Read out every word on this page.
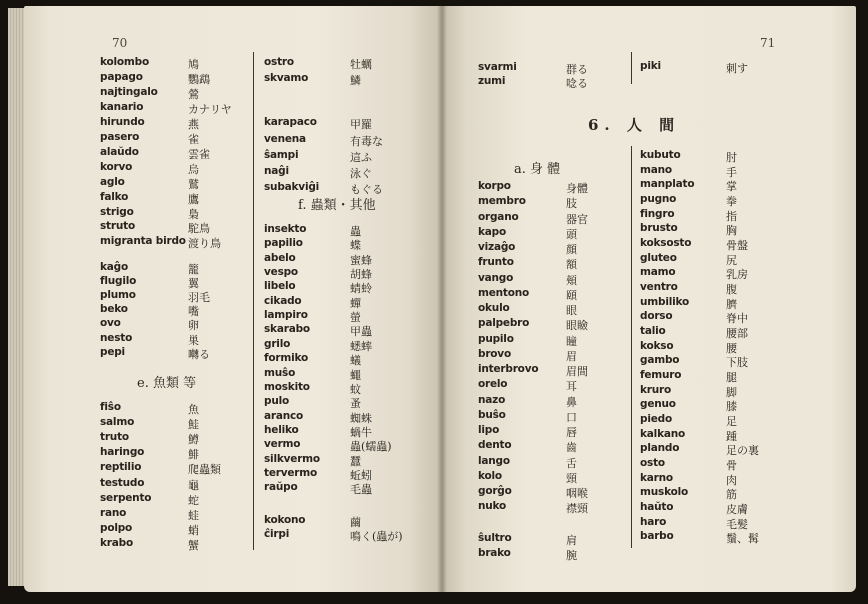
70
kolombo	鳩
papago	鸚鵡
najtingalo	鶯
kanario	カナリヤ
hirundo	燕
pasero	雀
alaŭdo	雲雀
korvo	烏
aglo	鷲
falko	鷹
strigo	梟
struto	駝鳥
migranta birdo 渡り鳥
kaĝo	籠
flugilo	翼
plumo	羽毛
beko	嘴
ovo	卵
nesto	巣
pepi	囀る
e. 魚類 等
fiŝo	魚
salmo	鮭
truto	鱒
haringo	鯡
reptilio	爬蟲類
testudo	龜
serpento	蛇
rano	蛙
polpo	蛸
krabo	蟹
ostro	牡蠣
skvamo	鱗
karapaco	甲羅
venena	有毒な
ŝampi	這ふ
naĝi	泳ぐ
subakviĝi	もぐる
f. 蟲類・其他
insekto	蟲
papilio	蝶
abelo	蜜蜂
vespo	胡蜂
libelo	蜻蛉
cikado	蟬
lampiro	螢
skarabo	甲蟲
grilo	蟋蟀
formiko	蟻
muŝo	蠅
moskito	蚊
pulo	蚤
aranco	蜘蛛
heliko	蝸牛
vermo	蟲(蠕蟲)
silkvermo	蠶
tervermo	蚯蚓
raŭpo	毛蟲
kokono	繭
ĉirpi	鳴く(蟲が)
71
svarmi	群る
zumi	唸る
piki	刺す
6. 人 間
a. 身 體
korpo	身體
membro	肢
organo	器官
kapo	頭
vizaĝo	顔
frunto	額
vango	頬
mentono	頤
okulo	眼
palpebro	眼瞼
pupilo	瞳
brovo	眉
interbrovo	眉間
orelo	耳
nazo	鼻
buŝo	口
lipo	唇
dento	齒
lango	舌
kolo	頸
gorĝo	咽喉
nuko	襟頸
ŝultro	肩
brako	腕
kubuto	肘
mano	手
manplato	掌
pugno	拳
fingro	指
brusto	胸
koksosto	骨盤
gluteo	尻
mamo	乳房
ventro	腹
umbiliko	臍
dorso	脊中
talio	腰部
kokso	腰
gambo	下肢
femuro	腿
kruro	脚
genuo	膝
piedo	足
kalkano	踵
plando	足の裏
osto	骨
karno	肉
muskolo	筋
haŭto	皮膚
haro	毛髪
barbo	鬚、髯
